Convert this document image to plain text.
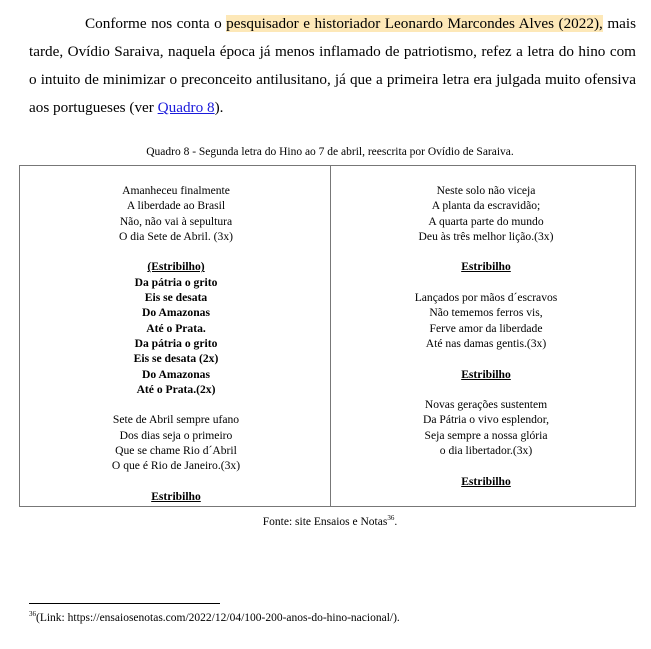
Conforme nos conta o pesquisador e historiador Leonardo Marcondes Alves (2022), mais tarde, Ovídio Saraiva, naquela época já menos inflamado de patriotismo, refez a letra do hino com o intuito de minimizar o preconceito antilusitano, já que a primeira letra era julgada muito ofensiva aos portugueses (ver Quadro 8).
Quadro 8 - Segunda letra do Hino ao 7 de abril, reescrita por Ovídio de Saraiva.
Amanheceu finalmente
A liberdade ao Brasil
Não, não vai à sepultura
O dia Sete de Abril. (3x)
(Estribilho)
Da pátria o grito
Eis se desata
Do Amazonas
Até o Prata.
Da pátria o grito
Eis se desata (2x)
Do Amazonas
Até o Prata.(2x)
Sete de Abril sempre ufano
Dos dias seja o primeiro
Que se chame Rio d´Abril
O que é Rio de Janeiro.(3x)
Estribilho
Neste solo não viceja
A planta da escravidão;
A quarta parte do mundo
Deu às três melhor lição.(3x)
Estribilho
Lançados por mãos d´escravos
Não tememos ferros vis,
Ferve amor da liberdade
Até nas damas gentis.(3x)
Estribilho
Novas gerações sustentem
Da Pátria o vivo esplendor,
Seja sempre a nossa glória
o dia libertador.(3x)
Estribilho
Fonte: site Ensaios e Notas$^{36}$.
$^{36}$(Link: https://ensaiosenotas.com/2022/12/04/100-200-anos-do-hino-nacional/).
